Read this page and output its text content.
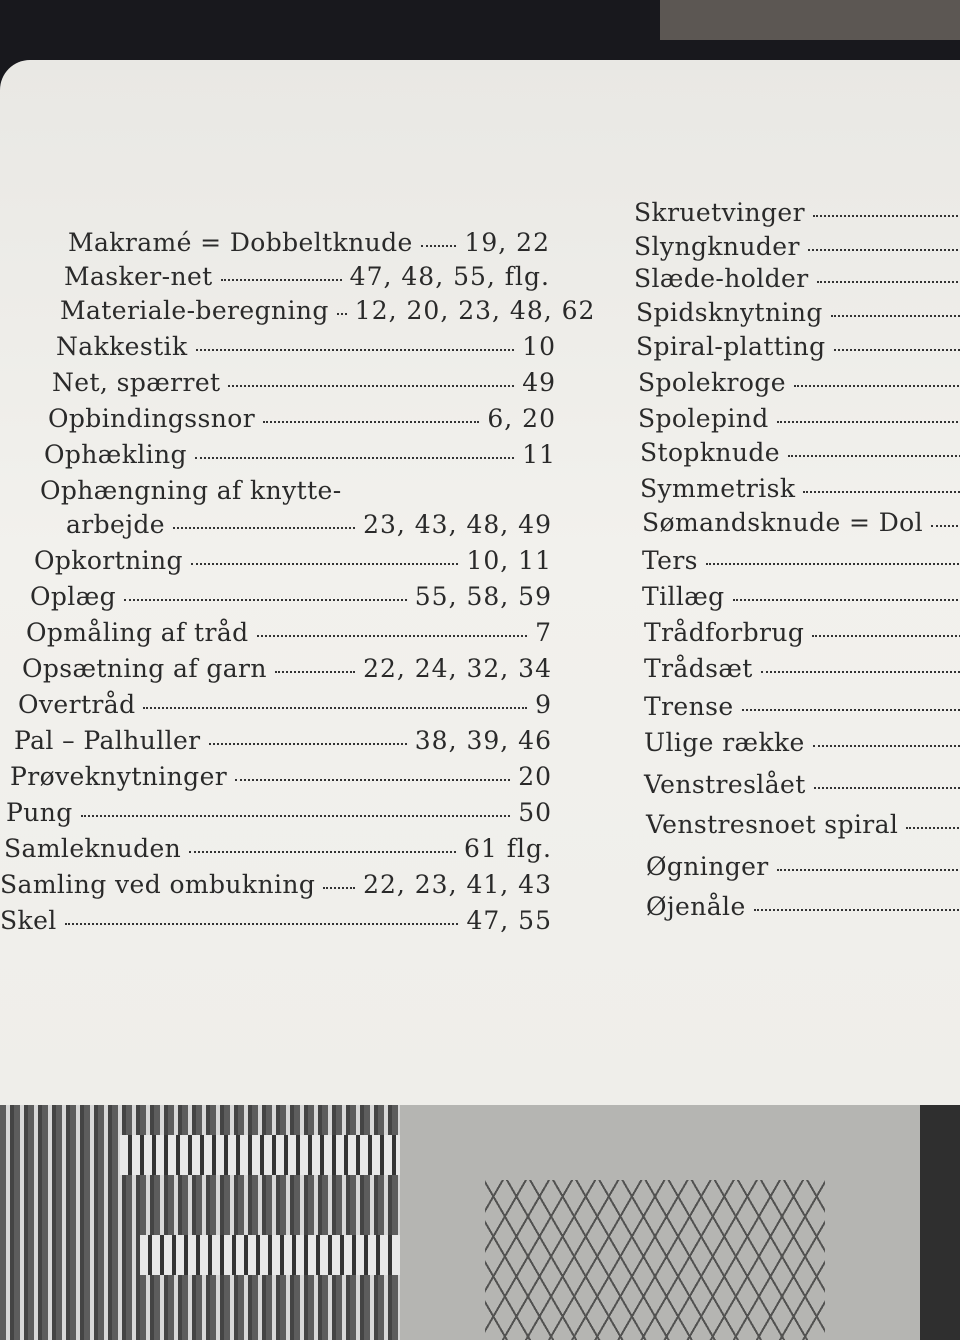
Makramé = Dobbeltknude 19, 22
Masker-net	47, 48, 55, flg.
Materiale-beregning 12, 20, 23, 48, 62
Nakkestik	10
Net, spærret	49
Opbindingssnor	6, 20
Ophækling	11
Ophængning af knytte-
arbejde	23, 43, 48, 49
Opkortning	10, 11
Oplæg	55, 58, 59
Opmåling af tråd	7
Opsætning af garn	22, 24, 32, 34
Overtråd	9
Pal – Palhuller	38, 39, 46
Prøveknytninger	20
Pung	50
Samleknuden	61 flg.
Samling ved ombukning 22, 23, 41, 43
Skel	47, 55
Skruetvinger
Slyngknuder
Slæde-holder
Spidsknytning
Spiral-platting
Spolekroge
Spolepind
Stopknude
Symmetrisk
Sømandsknude = Dol
Ters
Tillæg
Trådforbrug
Trådsæt
Trense
Ulige række
Venstreslået
Venstresnoet spiral
Øgninger
Øjenåle
